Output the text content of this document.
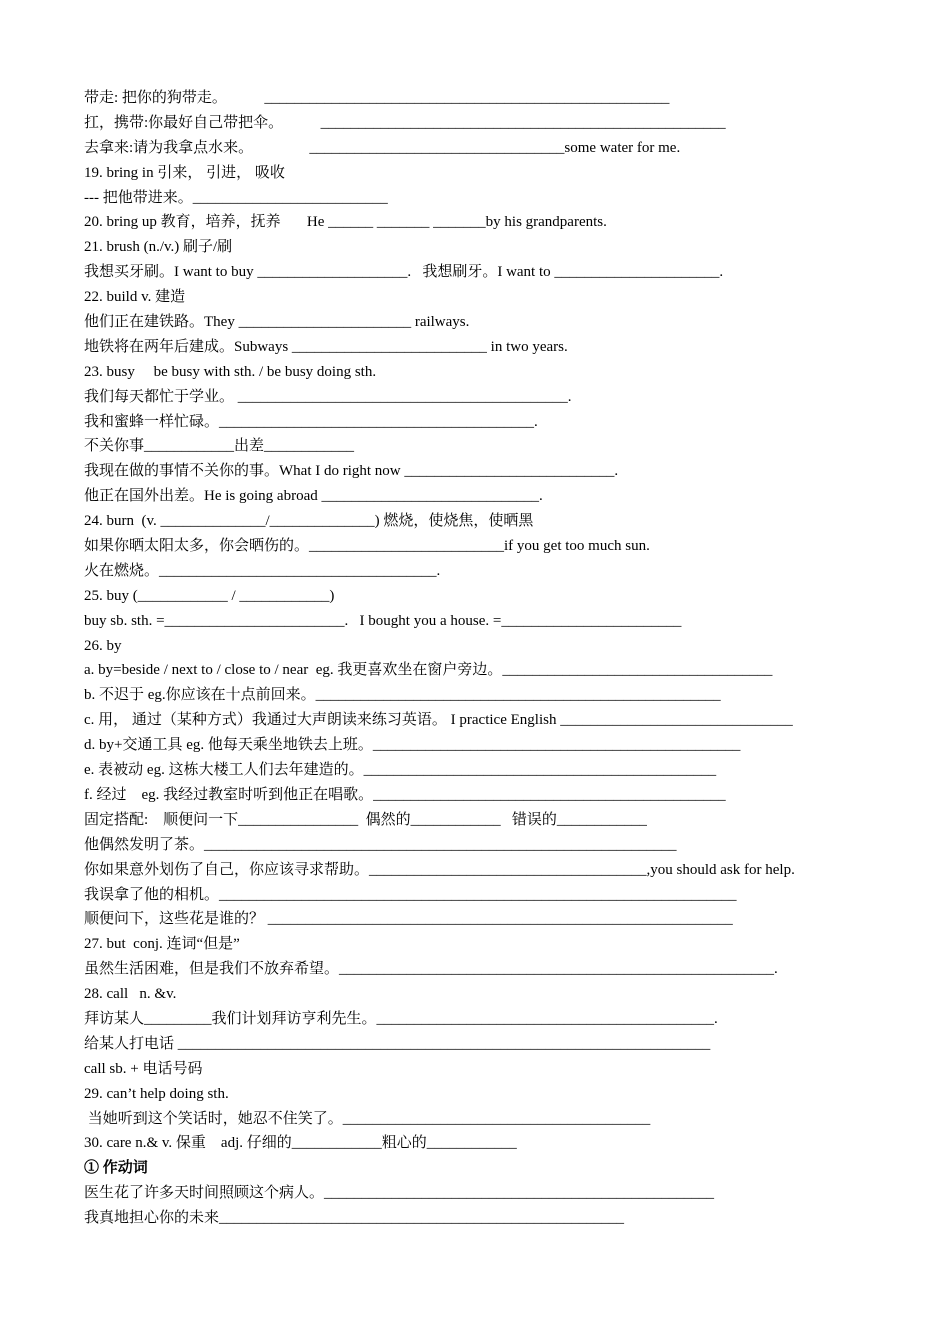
带走: 把你的狗带走。          ______________________________________________________
扛，携带:你最好自己带把伞。          ______________________________________________________
去拿来:请为我拿点水来。               __________________________________some water for me.
19. bring in 引来， 引进， 吸收
--- 把他带进来。__________________________
20. bring up 教育，培养，抚养       He ______ _______ _______by his grandparents.
21. brush (n./v.) 刷子/刷
我想买牙刷。I want to buy ____________________.   我想刷牙。I want to ______________________.
22. build v. 建造
他们正在建铁路。They _______________________ railways.
地铁将在两年后建成。Subways __________________________ in two years.
23. busy     be busy with sth. / be busy doing sth.
我们每天都忙于学业。 ____________________________________________.
我和蜜蜂一样忙碌。__________________________________________.
不关你事____________出差____________
我现在做的事情不关你的事。What I do right now ____________________________.
他正在国外出差。He is going abroad _____________________________.
24. burn  (v. ______________/______________) 燃烧，使烧焦，使晒黑
如果你晒太阳太多，你会晒伤的。__________________________if you get too much sun.
火在燃烧。_____________________________________.
25. buy (____________ / ____________)
buy sb. sth. =________________________.   I bought you a house. =________________________
26. by
a. by=beside / next to / close to / near  eg. 我更喜欢坐在窗户旁边。____________________________________
b. 不迟于 eg.你应该在十点前回来。______________________________________________________
c. 用， 通过（某种方式）我通过大声朗读来练习英语。 I practice English _______________________________
d. by+交通工具 eg. 他每天乘坐地铁去上班。_________________________________________________
e. 表被动 eg. 这栋大楼工人们去年建造的。_______________________________________________
f. 经过    eg. 我经过教室时听到他正在唱歌。_______________________________________________
固定搭配:    顺便问一下________________  偶然的____________   错误的____________
他偶然发明了茶。_______________________________________________________________
你如果意外划伤了自己，你应该寻求帮助。_____________________________________,you should ask for help.
我误拿了他的相机。_____________________________________________________________________
顺便问下，这些花是谁的？ ______________________________________________________________
27. but  conj. 连词“但是”
虽然生活困难，但是我们不放弃希望。__________________________________________________________.
28. call   n. &v.
拜访某人_________我们计划拜访亨利先生。_____________________________________________.
给某人打电话 _______________________________________________________________________
call sb. + 电话号码
29. can’t help doing sth.
当她听到这个笑话时，她忍不住笑了。_________________________________________
30. care n.& v. 保重    adj. 仔细的____________粗心的____________
① 作动词
医生花了许多天时间照顾这个病人。____________________________________________________
我真地担心你的未来______________________________________________________
